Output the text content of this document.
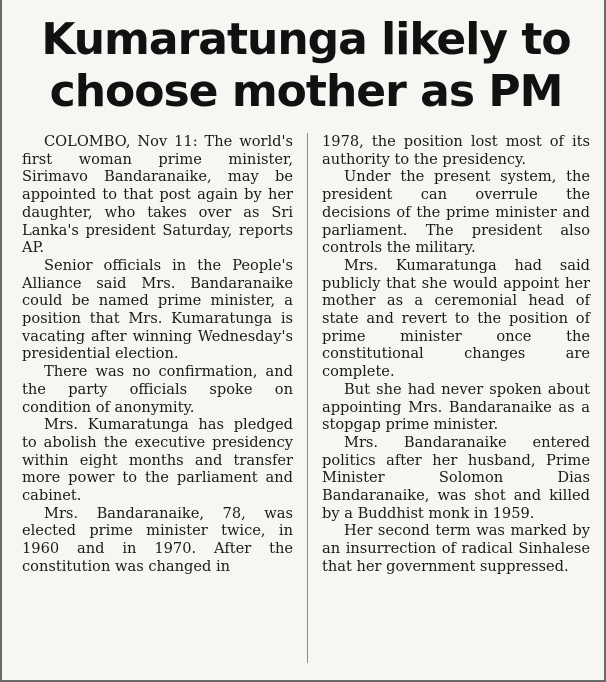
Kumaratunga likely to choose mother as PM

COLOMBO, Nov 11: The world's first woman prime minister, Sirimavo Bandaranaike, may be appointed to that post again by her daughter, who takes over as Sri Lanka's president Saturday, reports AP.

Senior officials in the People's Alliance said Mrs. Bandaranaike could be named prime minister, a position that Mrs. Kumaratunga is vacating after winning Wednesday's presidential election.

There was no confirmation, and the party officials spoke on condition of anonymity.

Mrs. Kumaratunga has pledged to abolish the executive presidency within eight months and transfer more power to the parliament and cabinet.

Mrs. Bandaranaike, 78, was elected prime minister twice, in 1960 and in 1970. After the constitution was changed in

1978, the position lost most of its authority to the presidency.

Under the present system, the president can overrule the decisions of the prime minister and parliament. The president also controls the military.

Mrs. Kumaratunga had said publicly that she would appoint her mother as a ceremonial head of state and revert to the position of prime minister once the constitutional changes are complete.

But she had never spoken about appointing Mrs. Bandaranaike as a stopgap prime minister.

Mrs. Bandaranaike entered politics after her husband, Prime Minister Solomon Dias Bandaranaike, was shot and killed by a Buddhist monk in 1959.

Her second term was marked by an insurrection of radical Sinhalese that her government suppressed.
